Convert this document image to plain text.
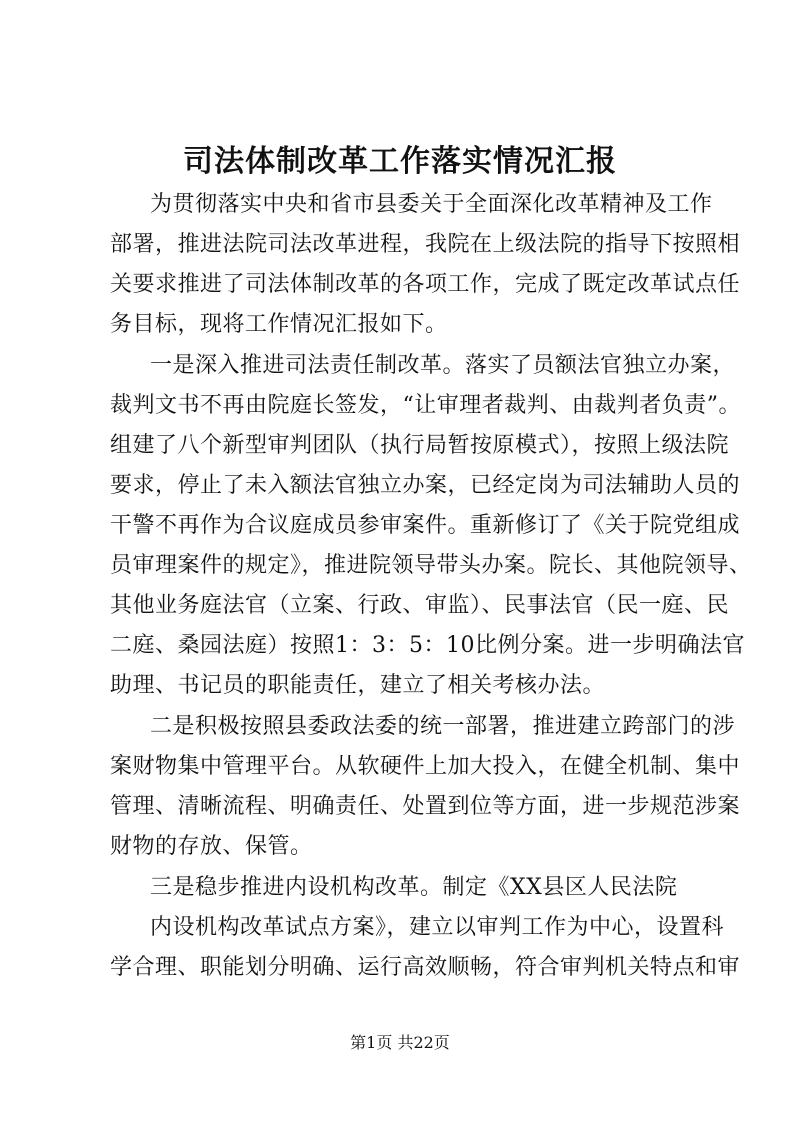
司法体制改革工作落实情况汇报
为贯彻落实中央和省市县委关于全面深化改革精神及工作
部署，推进法院司法改革进程，我院在上级法院的指导下按照相
关要求推进了司法体制改革的各项工作，完成了既定改革试点任
务目标，现将工作情况汇报如下。
一是深入推进司法责任制改革。落实了员额法官独立办案，
裁判文书不再由院庭长签发，“让审理者裁判、由裁判者负责”。
组建了八个新型审判团队（执行局暂按原模式），按照上级法院
要求，停止了未入额法官独立办案，已经定岗为司法辅助人员的
干警不再作为合议庭成员参审案件。重新修订了《关于院党组成
员审理案件的规定》，推进院领导带头办案。院长、其他院领导、
其他业务庭法官（立案、行政、审监）、民事法官（民一庭、民
二庭、桑园法庭）按照1：3：5：10比例分案。进一步明确法官
助理、书记员的职能责任，建立了相关考核办法。
二是积极按照县委政法委的统一部署，推进建立跨部门的涉
案财物集中管理平台。从软硬件上加大投入，在健全机制、集中
管理、清晰流程、明确责任、处置到位等方面，进一步规范涉案
财物的存放、保管。
三是稳步推进内设机构改革。制定《XX县区人民法院
内设机构改革试点方案》，建立以审判工作为中心，设置科
学合理、职能划分明确、运行高效顺畅，符合审判机关特点和审
第1页 共22页
